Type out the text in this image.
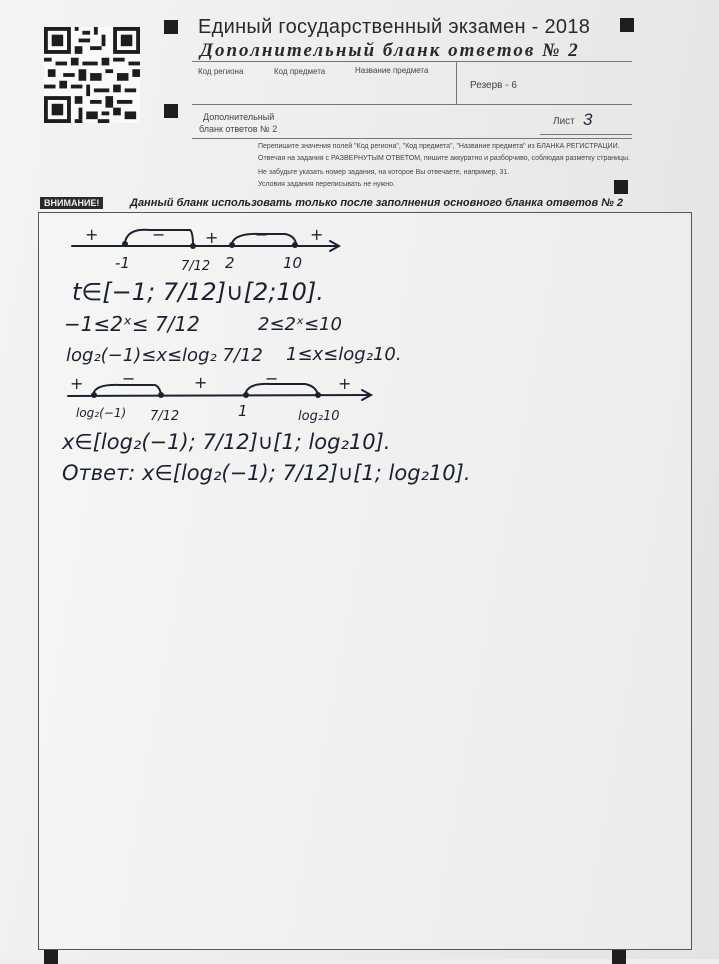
Единый государственный экзамен - 2018
Дополнительный бланк ответов № 2
Код региона	Код предмета	Название предмета
Резерв - 6
Дополнительный
бланк ответов № 2
Лист 3
Перепишите значения полей "Код региона", "Код предмета", "Название предмета" из БЛАНКА РЕГИСТРАЦИИ.
Отвечая на задания с РАЗВЕРНУТЫМ ОТВЕТОМ, пишите аккуратно и разборчиво, соблюдая разметку страницы.
Не забудьте указать номер задания, на которое Вы отвечаете, например, 31.
Условия задания переписывать не нужно.
ВНИМАНИЕ!	Данный бланк использовать только после заполнения основного бланка ответов № 2
+	− + −	+
-1	7/12 2	10
t∈[−1; 7/12]∪[2;10].
−1≤2ˣ≤ 7/12	2≤2ˣ≤10
log₂(−1)≤x≤log₂ 7/12 1≤x≤log₂10.
+ −	+	−	+
log₂(−1) 7/12	1	log₂10
x∈[log₂(−1); 7/12]∪[1; log₂10].
Ответ: x∈[log₂(−1); 7/12]∪[1; log₂10].
